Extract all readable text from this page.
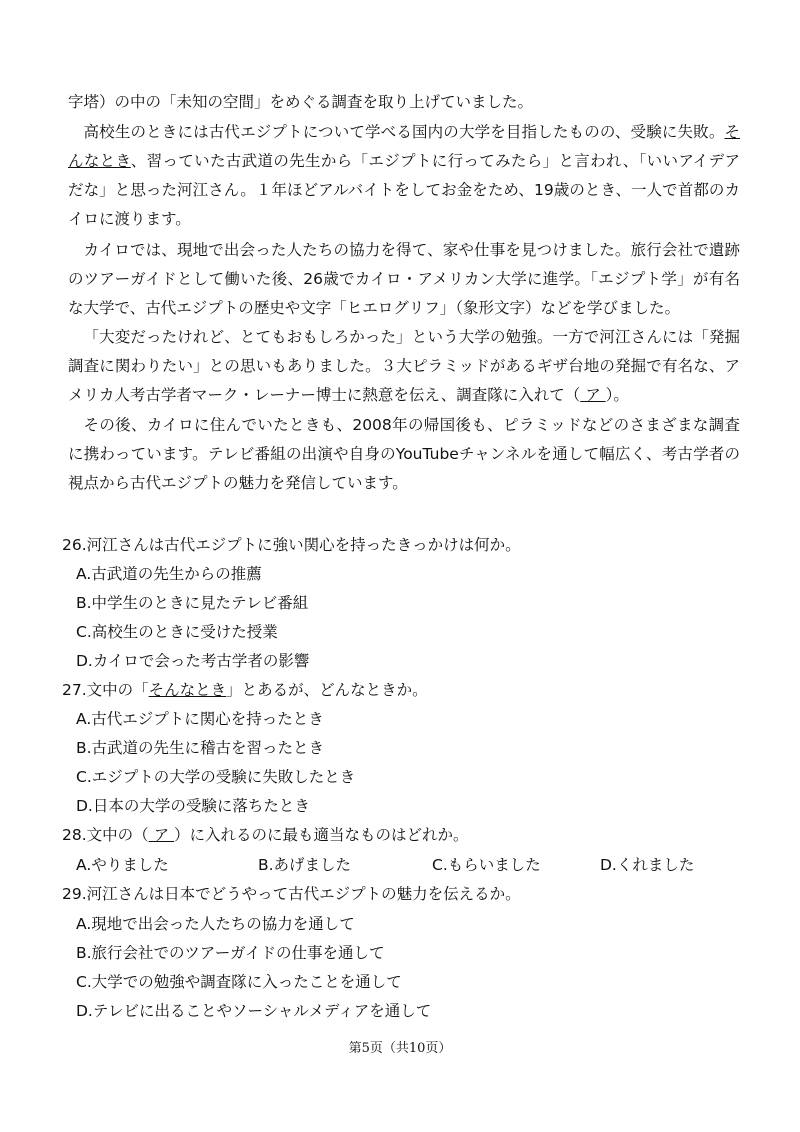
字塔）の中の「未知の空間」をめぐる調査を取り上げていました。

高校生のときには古代エジプトについて学べる国内の大学を目指したものの、受験に失敗。そんなとき、習っていた古武道の先生から「エジプトに行ってみたら」と言われ、「いいアイデアだな」と思った河江さん。１年ほどアルバイトをしてお金をため、19歳のとき、一人で首都のカイロに渡ります。

カイロでは、現地で出会った人たちの協力を得て、家や仕事を見つけました。旅行会社で遺跡のツアーガイドとして働いた後、26歳でカイロ・アメリカン大学に進学。「エジプト学」が有名な大学で、古代エジプトの歴史や文字「ヒエログリフ」（象形文字）などを学びました。

「大変だったけれど、とてもおもしろかった」という大学の勉強。一方で河江さんには「発掘調査に関わりたい」との思いもありました。３大ピラミッドがあるギザ台地の発掘で有名な、アメリカ人考古学者マーク・レーナー博士に熱意を伝え、調査隊に入れて（ ア ）。

その後、カイロに住んでいたときも、2008年の帰国後も、ピラミッドなどのさまざまな調査に携わっています。テレビ番組の出演や自身のYouTubeチャンネルを通して幅広く、考古学者の視点から古代エジプトの魅力を発信しています。

26.河江さんは古代エジプトに強い関心を持ったきっかけは何か。
A.古武道の先生からの推薦
B.中学生のときに見たテレビ番組
C.高校生のときに受けた授業
D.カイロで会った考古学者の影響
27.文中の「そんなとき」とあるが、どんなときか。
A.古代エジプトに関心を持ったとき
B.古武道の先生に稽古を習ったとき
C.エジプトの大学の受験に失敗したとき
D.日本の大学の受験に落ちたとき
28.文中の（ ア ）に入れるのに最も適当なものはどれか。
A.やりました	B.あげました	C.もらいました	D.くれました
29.河江さんは日本でどうやって古代エジプトの魅力を伝えるか。
A.現地で出会った人たちの協力を通して
B.旅行会社でのツアーガイドの仕事を通して
C.大学での勉強や調査隊に入ったことを通して
D.テレビに出ることやソーシャルメディアを通して
第5页（共10页）
